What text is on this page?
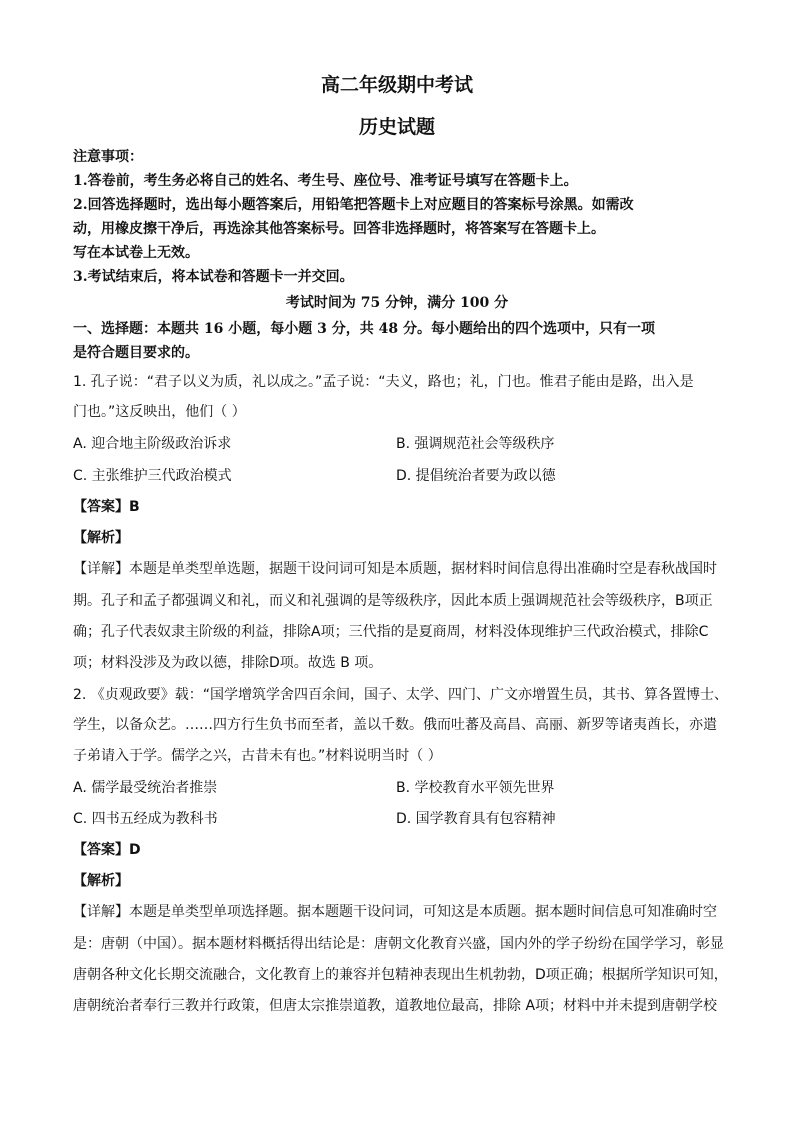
高二年级期中考试
历史试题
注意事项：
1.答卷前，考生务必将自己的姓名、考生号、座位号、准考证号填写在答题卡上。
2.回答选择题时，选出每小题答案后，用铅笔把答题卡上对应题目的答案标号涂黑。如需改
动，用橡皮擦干净后，再选涂其他答案标号。回答非选择题时，将答案写在答题卡上。
写在本试卷上无效。
3.考试结束后，将本试卷和答题卡一并交回。
考试时间为 75 分钟，满分 100 分
一、选择题：本题共 16 小题，每小题 3 分，共 48 分。每小题给出的四个选项中，只有一项
是符合题目要求的。
1. 孔子说：“君子以义为质，礼以成之。”孟子说：“夫义，路也；礼，门也。惟君子能由是路，出入是
门也。”这反映出，他们（ ）
A. 迎合地主阶级政治诉求	B. 强调规范社会等级秩序
C. 主张维护三代政治模式	D. 提倡统治者要为政以德
【答案】B
【解析】
【详解】本题是单类型单选题，据题干设问词可知是本质题，据材料时间信息得出准确时空是春秋战国时
期。孔子和孟子都强调义和礼，而义和礼强调的是等级秩序，因此本质上强调规范社会等级秩序，B项正
确；孔子代表奴隶主阶级的利益，排除A项；三代指的是夏商周，材料没体现维护三代政治模式，排除C
项；材料没涉及为政以德，排除D项。故选 B 项。
2. 《贞观政要》载：“国学增筑学舍四百余间，国子、太学、四门、广文亦增置生员，其书、算各置博士、
学生，以备众艺。……四方行生负书而至者，盖以千数。俄而吐蕃及高昌、高丽、新罗等诸夷酋长，亦遣
子弟请入于学。儒学之兴，古昔未有也。”材料说明当时（ ）
A. 儒学最受统治者推崇	B. 学校教育水平领先世界
C. 四书五经成为教科书	D. 国学教育具有包容精神
【答案】D
【解析】
【详解】本题是单类型单项选择题。据本题题干设问词，可知这是本质题。据本题时间信息可知准确时空
是：唐朝（中国）。据本题材料概括得出结论是：唐朝文化教育兴盛，国内外的学子纷纷在国学学习，彰显
唐朝各种文化长期交流融合，文化教育上的兼容并包精神表现出生机勃勃，D项正确；根据所学知识可知，
唐朝统治者奉行三教并行政策，但唐太宗推崇道教，道教地位最高，排除 A项；材料中并未提到唐朝学校
